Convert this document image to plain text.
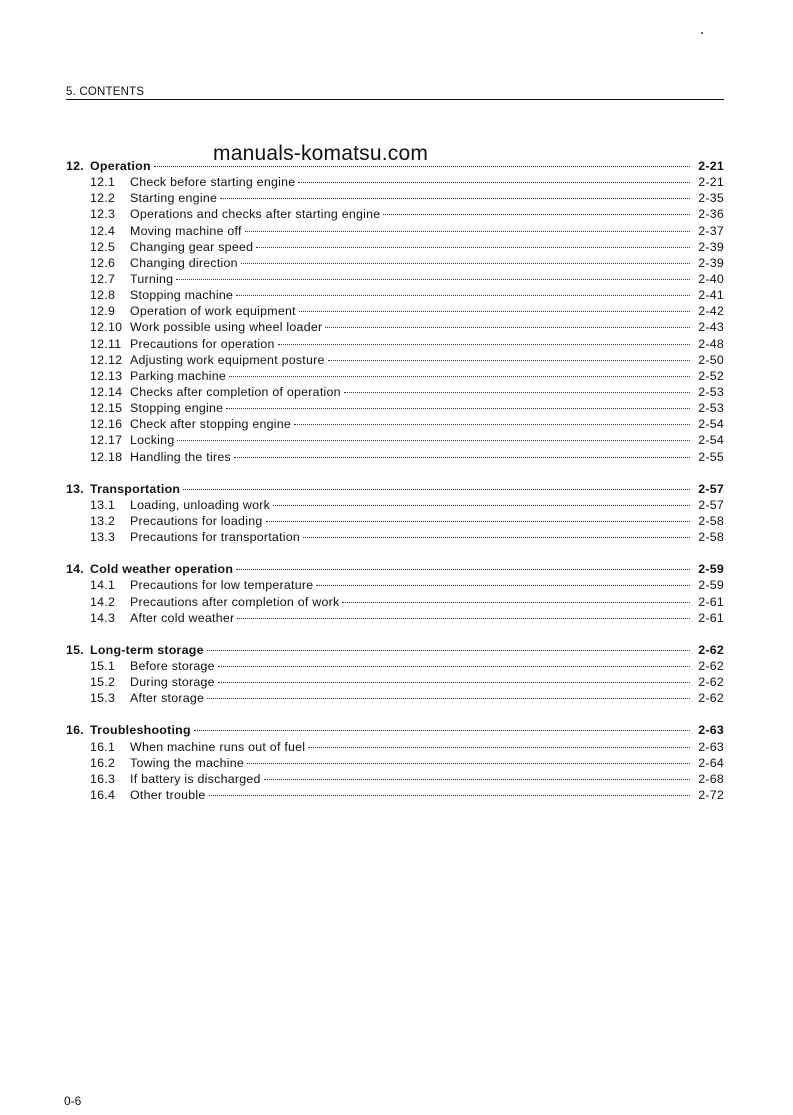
5. CONTENTS
manuals-komatsu.com
12. Operation	2-21
12.1	Check before starting engine	2-21
12.2	Starting engine	2-35
12.3	Operations and checks after starting engine	2-36
12.4	Moving machine off	2-37
12.5	Changing gear speed	2-39
12.6	Changing direction	2-39
12.7	Turning	2-40
12.8	Stopping machine	2-41
12.9	Operation of work equipment	2-42
12.10 Work possible using wheel loader	2-43
12.11 Precautions for operation	2-48
12.12 Adjusting work equipment posture	2-50
12.13 Parking machine	2-52
12.14 Checks after completion of operation	2-53
12.15 Stopping engine	2-53
12.16 Check after stopping engine	2-54
12.17 Locking	2-54
12.18 Handling the tires	2-55
13. Transportation	2-57
13.1	Loading, unloading work	2-57
13.2	Precautions for loading	2-58
13.3	Precautions for transportation	2-58
14. Cold weather operation	2-59
14.1	Precautions for low temperature	2-59
14.2	Precautions after completion of work	2-61
14.3	After cold weather	2-61
15. Long-term storage	2-62
15.1	Before storage	2-62
15.2	During storage	2-62
15.3	After storage	2-62
16. Troubleshooting	2-63
16.1	When machine runs out of fuel	2-63
16.2	Towing the machine	2-64
16.3	If battery is discharged	2-68
16.4	Other trouble	2-72
0-6
